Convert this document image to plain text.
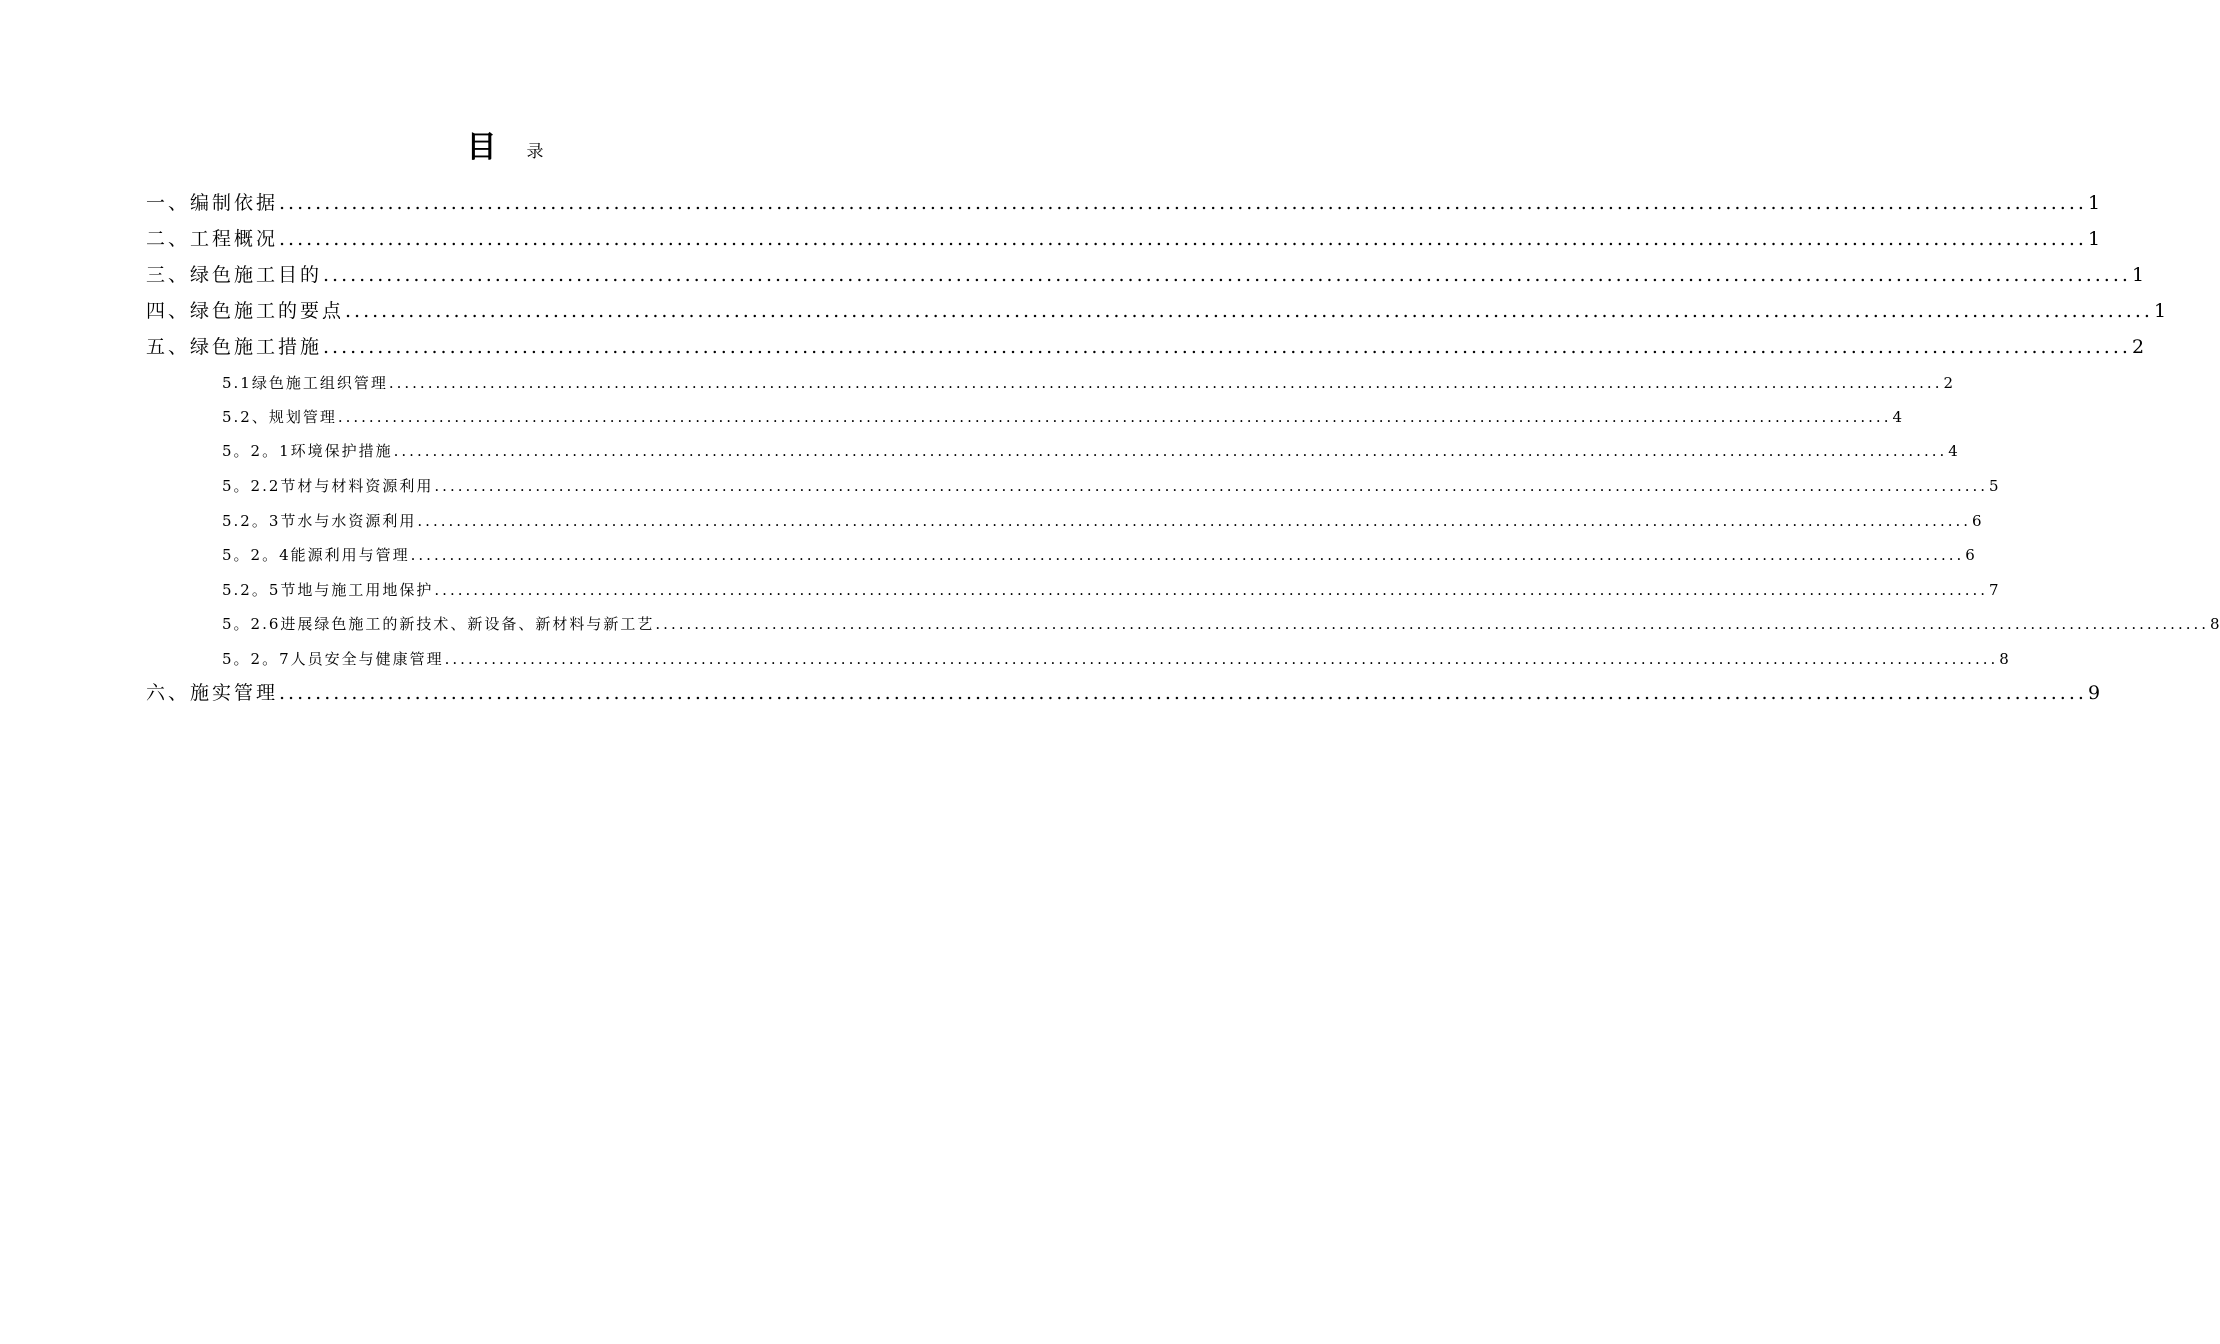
目 录
一、编制依据 ........................................................................................................................................................................................................ 1
二、工程概况 ........................................................................................................................................................................................................ 1
三、绿色施工目的 ........................................................................................................................................................................................................ 1
四、绿色施工的要点 ........................................................................................................................................................................................................ 1
五、绿色施工措施 ........................................................................................................................................................................................................ 2
5.1绿色施工组织管理 ........................................................................................................................................................................................................ 2
5.2、规划管理 ........................................................................................................................................................................................................ 4
5。2。1环境保护措施 ........................................................................................................................................................................................................ 4
5。2.2节材与材料资源利用 ........................................................................................................................................................................................................ 5
5.2。3节水与水资源利用 ........................................................................................................................................................................................................ 6
5。2。4能源利用与管理 ........................................................................................................................................................................................................ 6
5.2。5节地与施工用地保护 ........................................................................................................................................................................................................ 7
5。2.6进展绿色施工的新技术、新设备、新材料与新工艺 ........................................................................................................................................................................................................ 8
5。2。7人员安全与健康管理 ........................................................................................................................................................................................................ 8
六、施实管理 ........................................................................................................................................................................................................ 9
